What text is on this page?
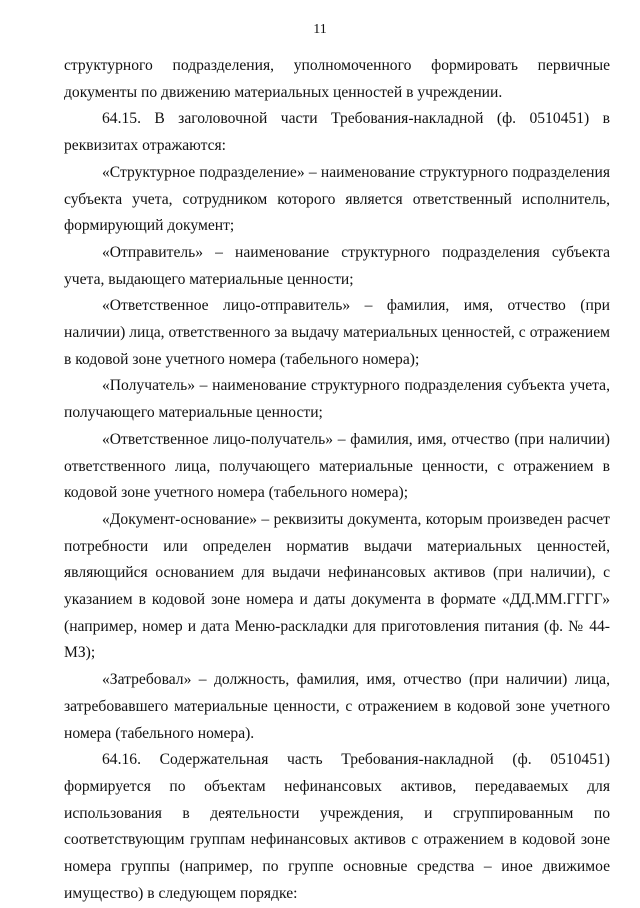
11

структурного подразделения, уполномоченного формировать первичные документы по движению материальных ценностей в учреждении.

64.15. В заголовочной части Требования-накладной (ф. 0510451) в реквизитах отражаются:

«Структурное подразделение» – наименование структурного подразделения субъекта учета, сотрудником которого является ответственный исполнитель, формирующий документ;

«Отправитель» – наименование структурного подразделения субъекта учета, выдающего материальные ценности;

«Ответственное лицо-отправитель» – фамилия, имя, отчество (при наличии) лица, ответственного за выдачу материальных ценностей, с отражением в кодовой зоне учетного номера (табельного номера);

«Получатель» – наименование структурного подразделения субъекта учета, получающего материальные ценности;

«Ответственное лицо-получатель» – фамилия, имя, отчество (при наличии) ответственного лица, получающего материальные ценности, с отражением в кодовой зоне учетного номера (табельного номера);

«Документ-основание» – реквизиты документа, которым произведен расчет потребности или определен норматив выдачи материальных ценностей, являющийся основанием для выдачи нефинансовых активов (при наличии), с указанием в кодовой зоне номера и даты документа в формате «ДД.ММ.ГГГГ» (например, номер и дата Меню-раскладки для приготовления питания (ф. № 44-МЗ);

«Затребовал» – должность, фамилия, имя, отчество (при наличии) лица, затребовавшего материальные ценности, с отражением в кодовой зоне учетного номера (табельного номера).

64.16. Содержательная часть Требования-накладной (ф. 0510451) формируется по объектам нефинансовых активов, передаваемых для использования в деятельности учреждения, и сгруппированным по соответствующим группам нефинансовых активов с отражением в кодовой зоне номера группы (например, по группе основные средства – иное движимое имущество) в следующем порядке:
